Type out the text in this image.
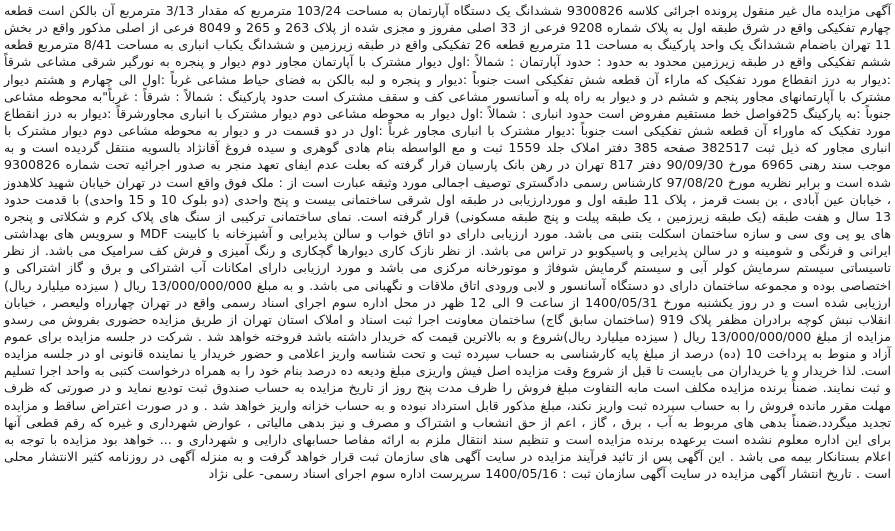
آگهی مزایده مال غیر منقول پرونده اجرائی کلاسه 9300826 ششدانگ یک دستگاه آپارتمان به مساحت 103/24 مترمربع که مقدار 3/13 مترمربع آن بالکن است قطعه چهارم تفکیکی واقع در شرق طبقه اول به پلاک شماره 9208 فرعی از 33 اصلی مفروز و مجزی شده از پلاک 263 و 265 و 8049 فرعی از اصلی مذکور واقع در بخش 11 تهران باضمام ششدانگ یک واحد پارکینگ به مساحت 11 مترمربع قطعه 26 تفکیکی واقع در طبقه زیرزمین و ششدانگ یکباب انباری به مساحت 8/41 مترمربع قطعه ششم تفکیکی واقع در طبقه زیرزمین محدود به حدود : حدود آپارتمان : شمالاً :اول دیوار مشترک با آپارتمان مجاور دوم دیوار و پنجره به نورگیر شرقی مشاعی شرقاً :دیوار به درز انقطاع مورد تفکیک که ماراء آن قطعه شش تفکیکی است جنوباً :دیوار و پنجره و لبه بالکن به فضای حیاط مشاعی غرباً :اول الی چهارم و هشتم دیوار مشترک با آپارتمانهای مجاور پنجم و ششم در و دیوار به راه پله و آسانسور مشاعی کف و سقف مشترک است حدود پارکینگ : شمالاً : شرقاً : غرباً"به محوطه مشاعی جنوباً :به پارکینگ 25فواصل خط مستقیم مفروض است حدود انباری : شمالاً :اول دیوار به محوطه مشاعی دوم دیوار مشترک با انباری مجاورشرقاً :دیوار به درز انقطاع مورد تفکیک که ماوراء آن قطعه شش تفکیکی است جنوباً :دیوار مشترک با انباری مجاور غرباً :اول در دو قسمت در و دیوار به محوطه مشاعی دوم دیوار مشترک با انباری مجاور که ذیل ثبت 382517 صفحه 385 دفتر املاک جلد 1559 ثبت و مع الواسطه بنام هادی گوهری و سیده فروغ آقانژاد بالسویه منتقل گردیده است و به موجب سند رهنی 6965 مورخ 90/09/30 دفتر 817 تهران در رهن بانک پارسیان قرار گرفته که بعلت عدم ایفای تعهد منجر به صدور اجرائیه تحت شماره 9300826 شده است و برابر نظریه مورخ 97/08/20 کارشناس رسمی دادگستری توصیف اجمالی مورد وثیقه عبارت است از : ملک فوق واقع است در تهران خیابان شهید کلاهدوز ، خیابان عین آبادی ، بن بست قرمز ، پلاک 11 طبقه اول و موردارزیابی در طبقه اول شرقی ساختمانی بیست و پنج واحدی (دو بلوک 10 و 15 واحدی) با قدمت حدود 13 سال و هفت طبقه (یک طبقه زیرزمین ، یک طبقه پیلت و پنج طبقه مسکونی) قرار گرفته است. نمای ساختمانی ترکیبی از سنگ های پلاک کرم و شکلاتی و پنجره های یو پی وی سی و سازه ساختمان اسکلت بتنی می باشد. مورد ارزیابی دارای دو اتاق خواب و سالن پذیرایی و آشپزخانه با کابینت MDF و سرویس های بهداشتی ایرانی و فرنگی و شومینه و در سالن پذیرایی و پاسیکوبو در تراس می باشد. از نظر نازک کاری دیوارها گچکاری و رنگ آمیزی و فرش کف سرامیک می باشد. از نظر تاسیساتی سیستم سرمایش کولر آبی و سیستم گرمایش شوفاژ و موتورخانه مرکزی می باشد و مورد ارزیابی دارای امکانات آب اشتراکی و برق و گاز اشتراکی و اختصاصی بوده و مجموعه ساختمان دارای دو دستگاه آسانسور و لابی ورودی اتاق ملاقات و نگهبانی می باشد. و به مبلغ 13/000/000/000 ریال ( سیزده میلیارد ریال) ارزیابی شده است و در روز یکشنبه مورخ 1400/05/31 از ساعت 9 الی 12 ظهر در محل اداره سوم اجرای اسناد رسمی واقع در تهران چهارراه ولیعصر ، خیابان انقلاب نبش کوچه برادران مظفر پلاک 919 (ساختمان سابق گاج) ساختمان معاونت اجرا ثبت اسناد و املاک استان تهران از طریق مزایده حضوری بفروش می رسدو مزایده از مبلغ 13/000/000/000 ریال ( سیزده میلیارد ریال)شروع و به بالاترین قیمت که خریدار داشته باشد فروخته خواهد شد . شرکت در جلسه مزایده برای عموم آزاد و منوط به پرداخت 10 (ده) درصد از مبلغ پایه کارشناسی به حساب سپرده ثبت و تحت شناسه واریز اعلامی و حضور خریدار یا نماینده قانونی او در جلسه مزایده است. لذا خریدار و یا خریداران می بایست تا قبل از شروع وقت مزایده اصل فیش واریزی مبلغ ودیعه ده درصد بنام خود را به همراه درخواست کتبی به واحد اجرا تسلیم و ثبت نمایند. ضمناً برنده مزایده مکلف است مابه التفاوت مبلغ فروش را ظرف مدت پنج روز از تاریخ مزایده به حساب صندوق ثبت تودیع نماید و در صورتی که ظرف مهلت مقرر مانده فروش را به حساب سپرده ثبت واریز نکند، مبلغ مذکور قابل استرداد نبوده و به حساب خزانه واریز خواهد شد . و در صورت اعتراض ساقط و مزایده تجدید میگردد.ضمناً بدهی های مربوط به آب ، برق ، گاز ، اعم از حق انشعاب و اشتراک و مصرف و نیز بدهی مالیاتی ، عوارض شهرداری و غیره که رقم قطعی آنها برای این اداره معلوم نشده است برعهده برنده مزایده است و تنظیم سند انتقال ملزم به ارائه مفاصا حسابهای دارایی و شهرداری و ... خواهد بود مزایده با توجه به اعلام بستانکار بیمه می باشد . این آگهی پس از تائید فرآیند مزایده در سایت آگهی های سازمان ثبت قرار خواهد گرفت و به منزله آگهی در روزنامه کثیر الانتشار محلی است . تاریخ انتشار آگهی مزایده در سایت آگهی سازمان ثبت : 1400/05/16 سرپرست اداره سوم اجرای اسناد رسمی- علی نژاد
